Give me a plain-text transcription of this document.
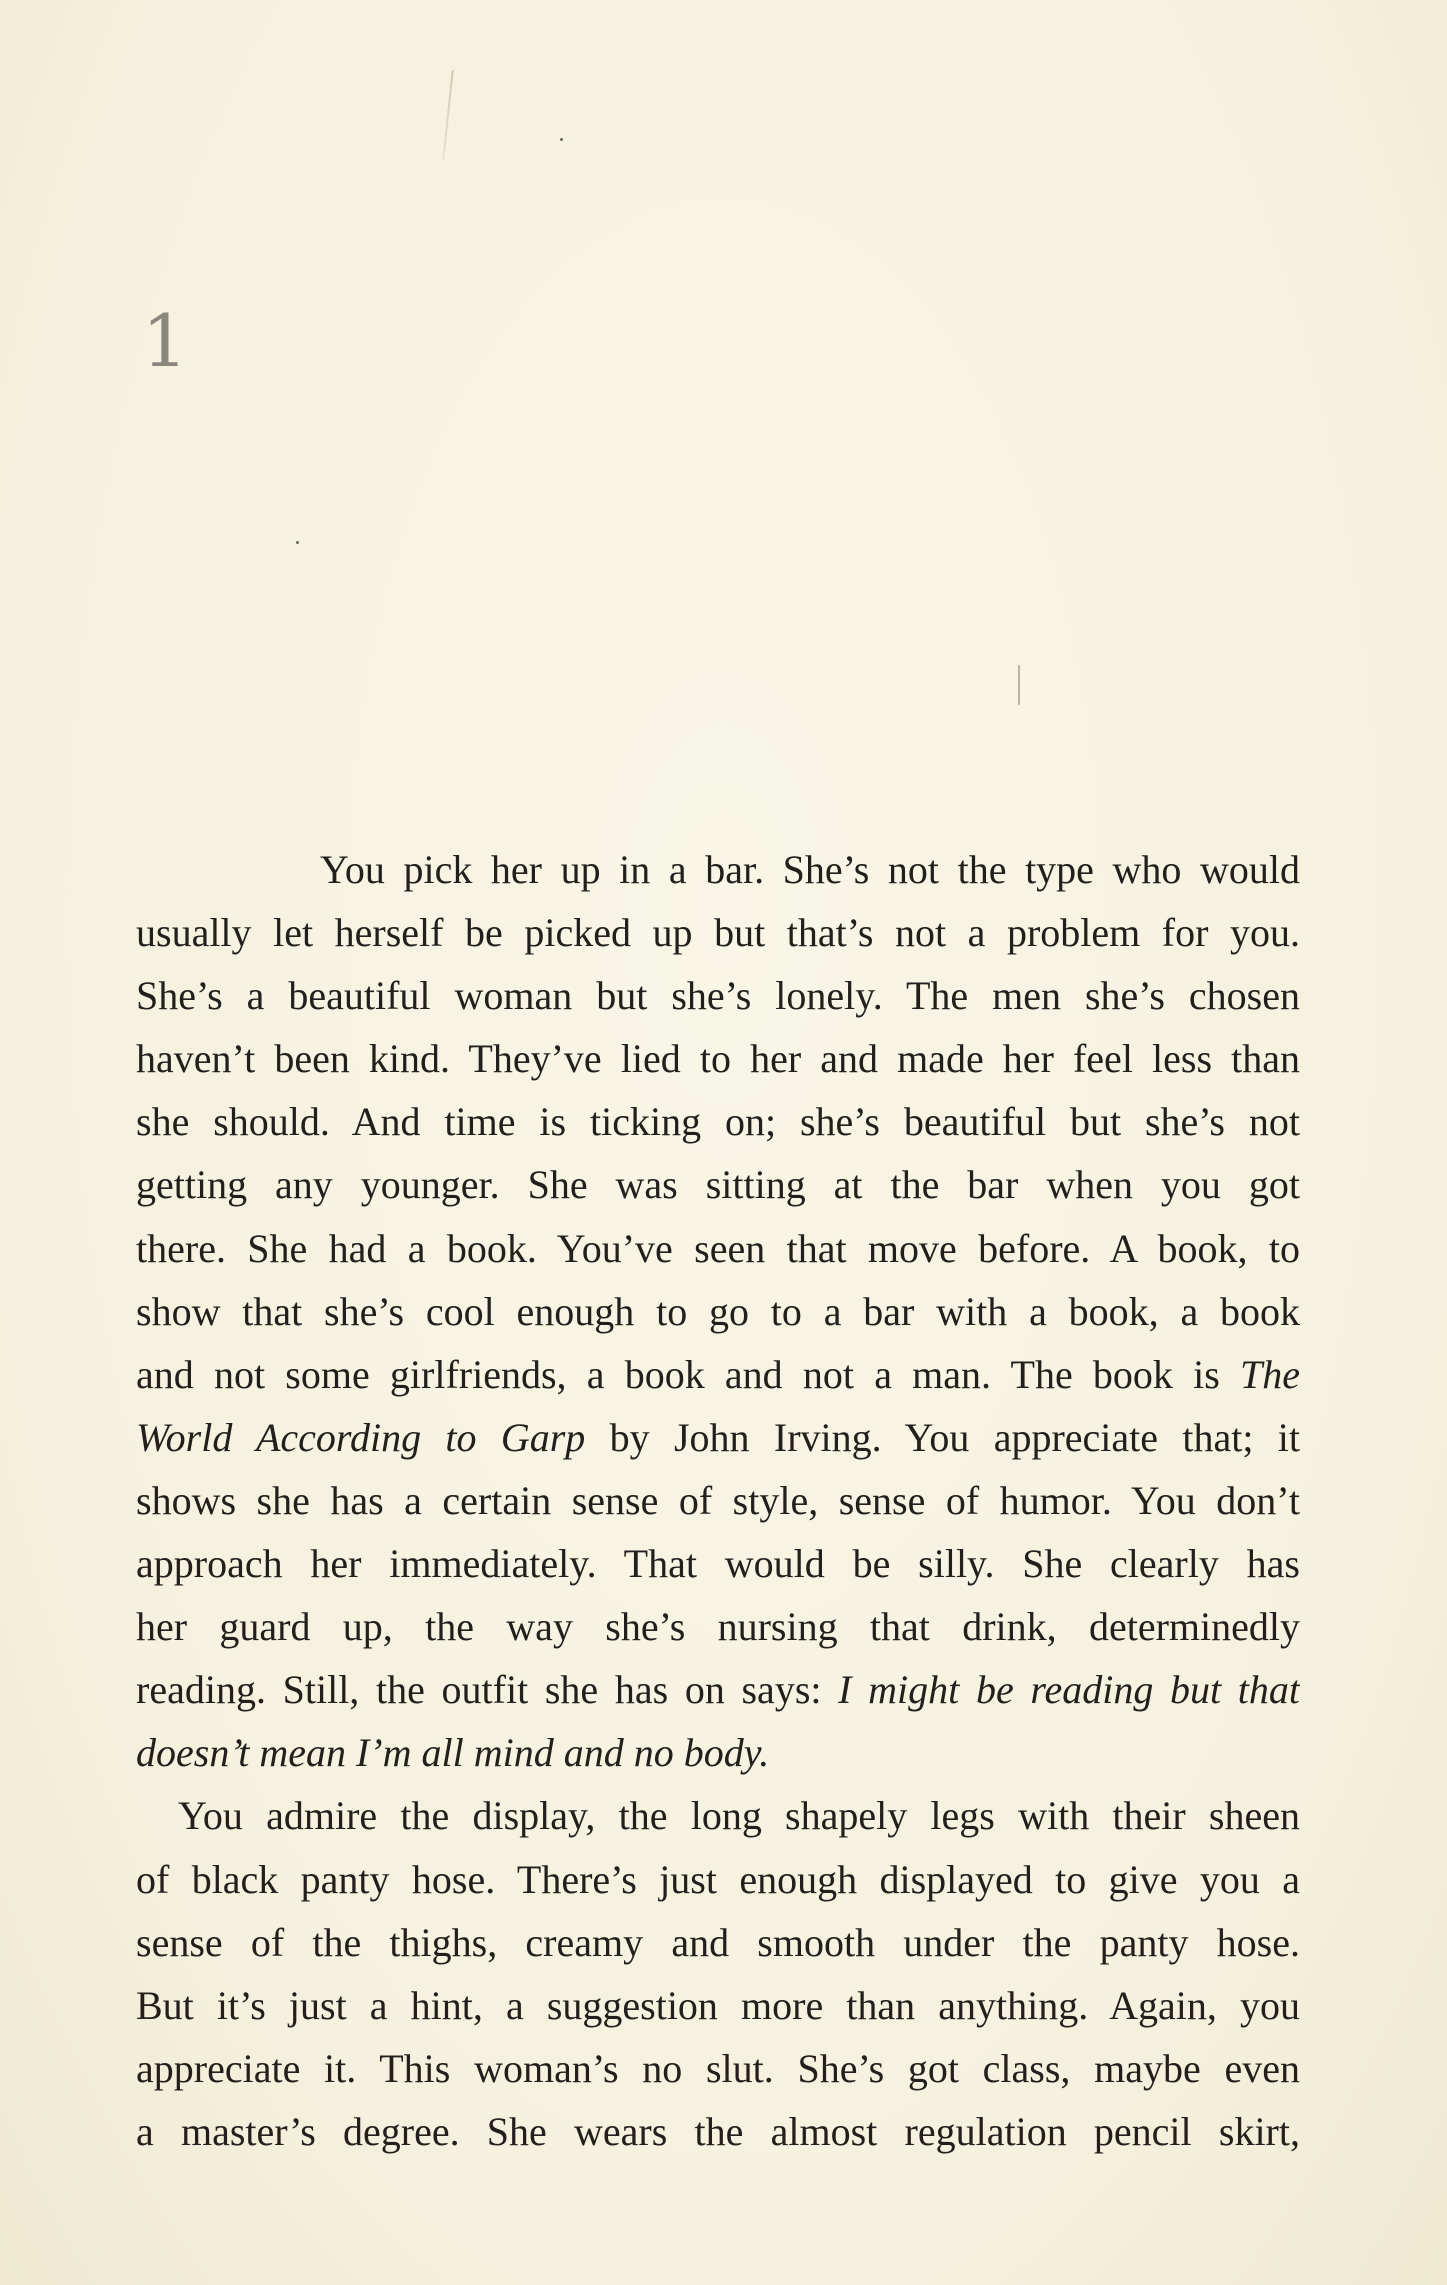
1
You pick her up in a bar. She’s not the type who would
usually let herself be picked up but that’s not a problem for you.
She’s a beautiful woman but she’s lonely. The men she’s chosen
haven’t been kind. They’ve lied to her and made her feel less than
she should. And time is ticking on; she’s beautiful but she’s not
getting any younger. She was sitting at the bar when you got
there. She had a book. You’ve seen that move before. A book, to
show that she’s cool enough to go to a bar with a book, a book
and not some girlfriends, a book and not a man. The book is The
World According to Garp by John Irving. You appreciate that; it
shows she has a certain sense of style, sense of humor. You don’t
approach her immediately. That would be silly. She clearly has
her guard up, the way she’s nursing that drink, determinedly
reading. Still, the outfit she has on says: I might be reading but that
doesn’t mean I’m all mind and no body.
You admire the display, the long shapely legs with their sheen
of black panty hose. There’s just enough displayed to give you a
sense of the thighs, creamy and smooth under the panty hose.
But it’s just a hint, a suggestion more than anything. Again, you
appreciate it. This woman’s no slut. She’s got class, maybe even
a master’s degree. She wears the almost regulation pencil skirt,
